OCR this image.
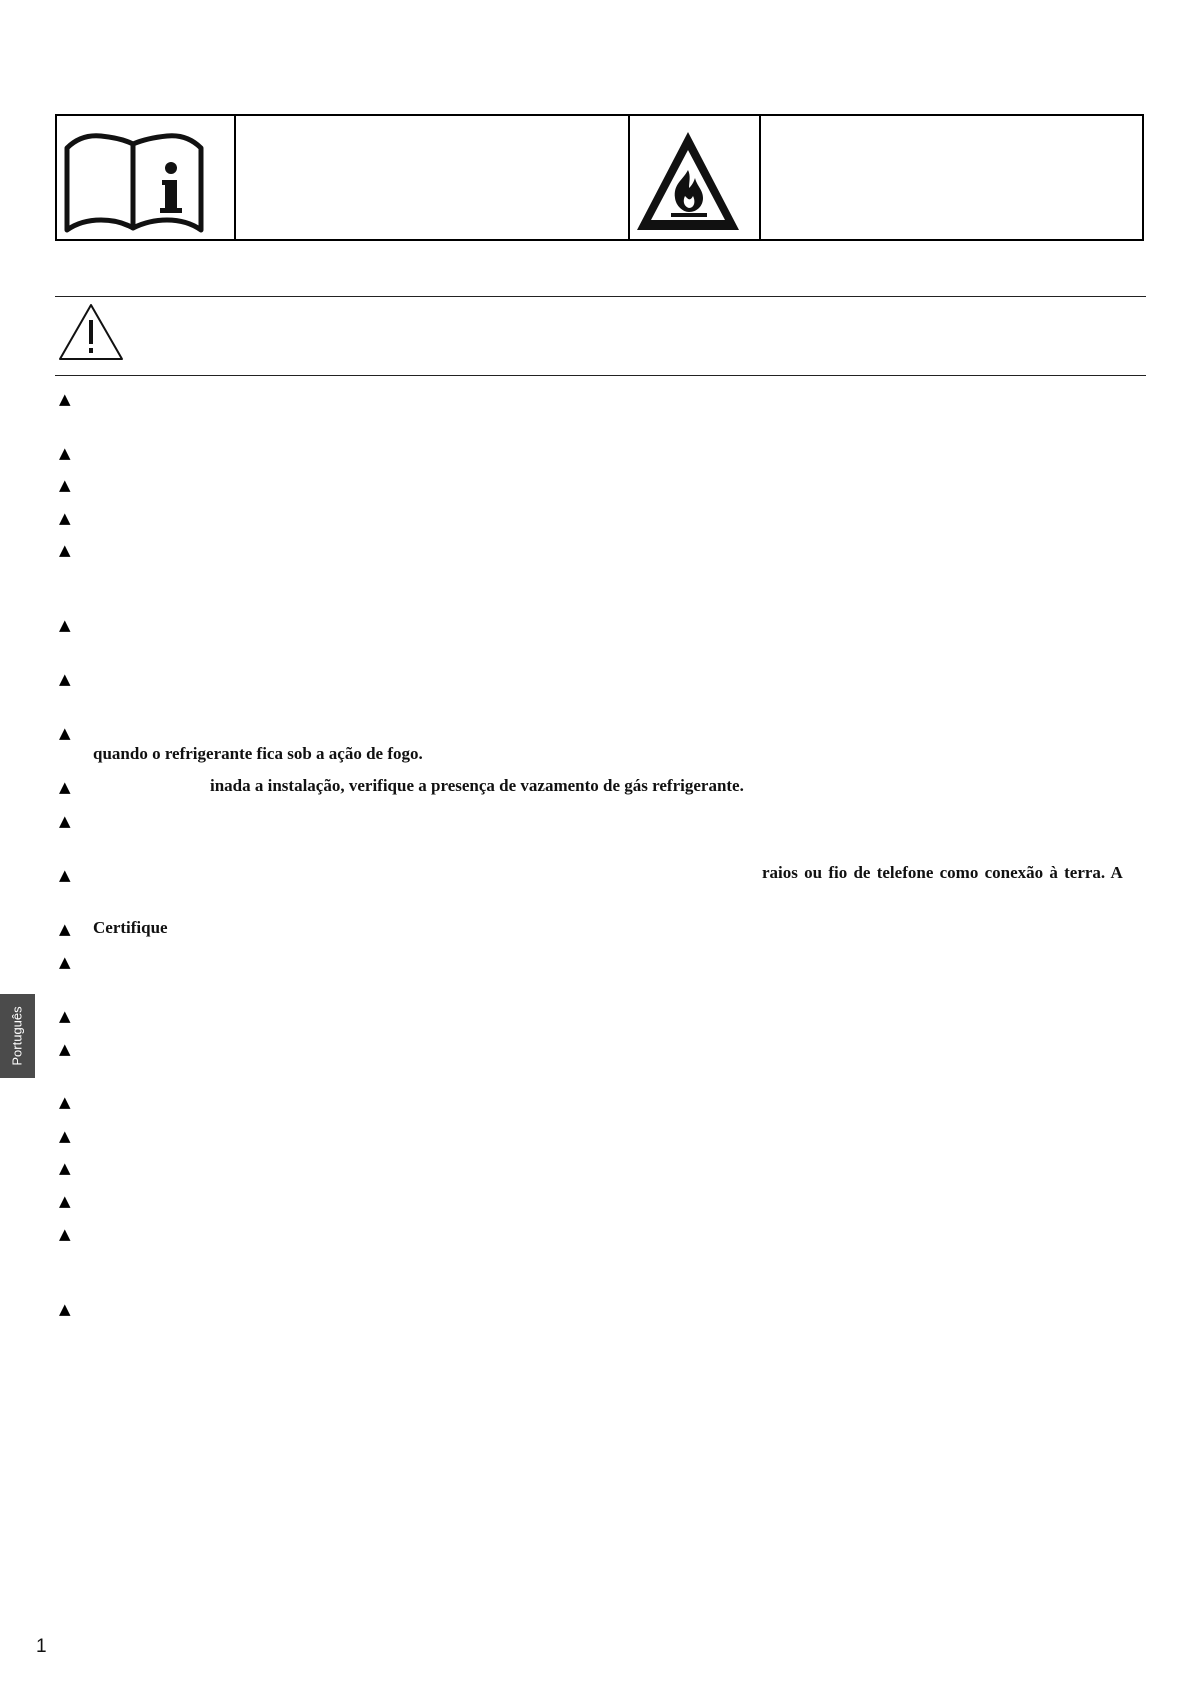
▲
▲
▲
▲
▲
▲
▲
▲
quando o refrigerante fica sob a ação de fogo.
▲	inada a instalação, verifique a presença de vazamento de gás refrigerante.
▲
▲	raios ou fio de telefone como conexão à terra. A
▲ Certifique
▲
▲
▲
▲
▲
▲
▲
▲
▲
Português
1
